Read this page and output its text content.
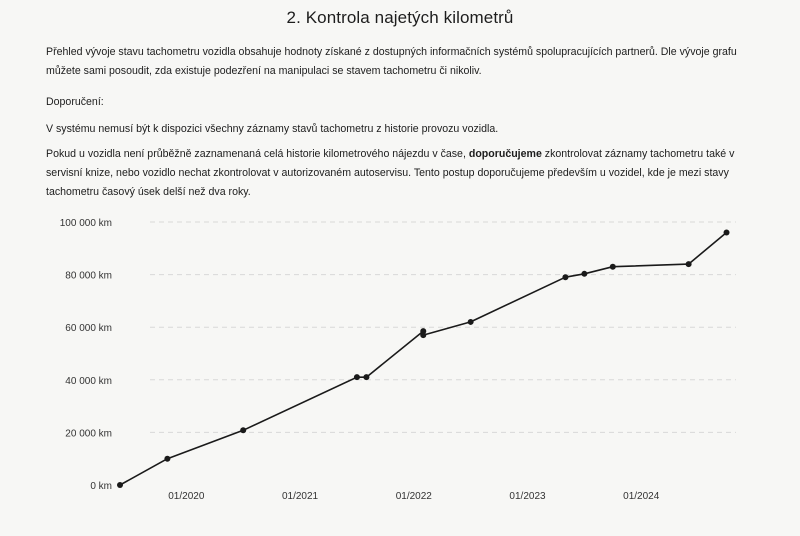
2. Kontrola najetých kilometrů

Přehled vývoje stavu tachometru vozidla obsahuje hodnoty získané z dostupných informačních systémů spolupracujících partnerů. Dle vývoje grafu můžete sami posoudit, zda existuje podezření na manipulaci se stavem tachometru či nikoliv.

Doporučení:

V systému nemusí být k dispozici všechny záznamy stavů tachometru z historie provozu vozidla.

Pokud u vozidla není průběžně zaznamenaná celá historie kilometrového nájezdu v čase, doporučujeme zkontrolovat záznamy tachometru také v servisní knize, nebo vozidlo nechat zkontrolovat v autorizovaném autoservisu. Tento postup doporučujeme především u vozidel, kde je mezi stavy tachometru časový úsek delší než dva roky.

0 km
20 000 km
40 000 km
60 000 km
80 000 km
100 000 km
01/2020	01/2021	01/2022	01/2023	01/2024
